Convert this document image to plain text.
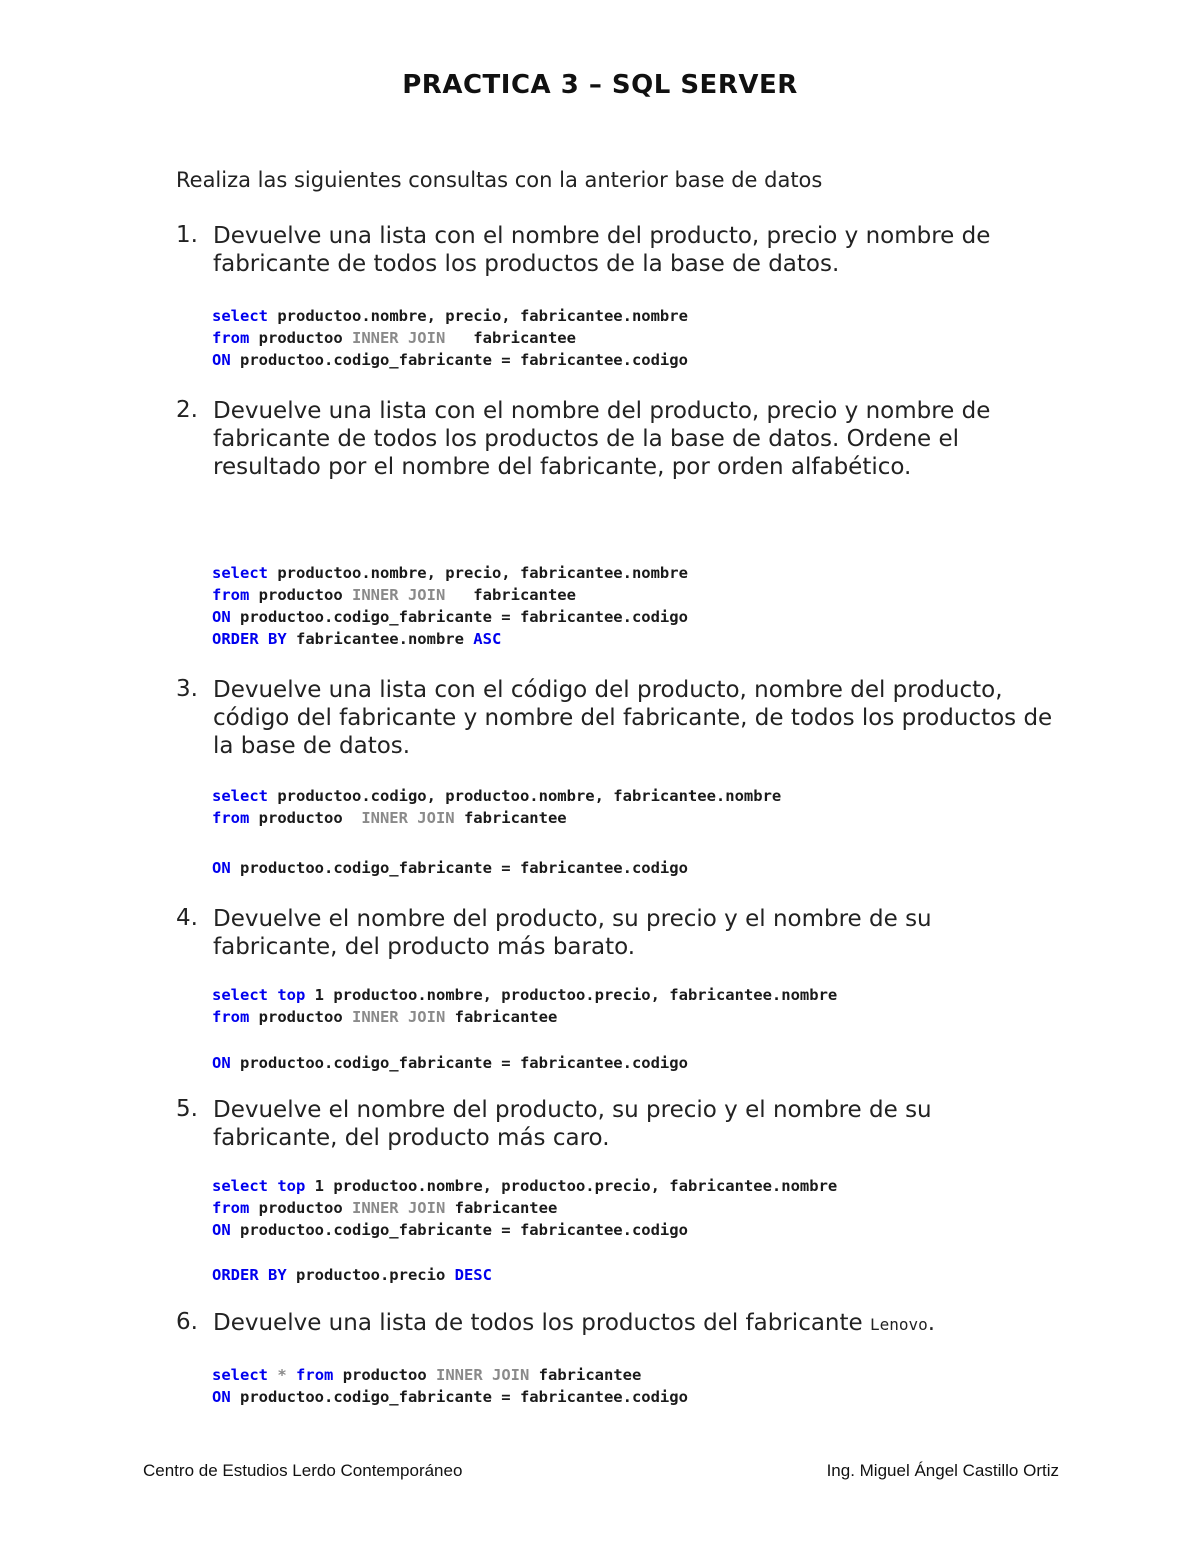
PRACTICA 3 – SQL SERVER
Realiza las siguientes consultas con la anterior base de datos
1. Devuelve una lista con el nombre del producto, precio y nombre de fabricante de todos los productos de la base de datos.
select productoo.nombre, precio, fabricantee.nombre
from productoo INNER JOIN   fabricantee
ON productoo.codigo_fabricante = fabricantee.codigo
2. Devuelve una lista con el nombre del producto, precio y nombre de fabricante de todos los productos de la base de datos. Ordene el resultado por el nombre del fabricante, por orden alfabético.
select productoo.nombre, precio, fabricantee.nombre
from productoo INNER JOIN   fabricantee
ON productoo.codigo_fabricante = fabricantee.codigo
ORDER BY fabricantee.nombre ASC
3. Devuelve una lista con el código del producto, nombre del producto, código del fabricante y nombre del fabricante, de todos los productos de la base de datos.
select productoo.codigo, productoo.nombre, fabricantee.nombre
from productoo  INNER JOIN fabricantee
ON productoo.codigo_fabricante = fabricantee.codigo
4. Devuelve el nombre del producto, su precio y el nombre de su fabricante, del producto más barato.
select top 1 productoo.nombre, productoo.precio, fabricantee.nombre
from productoo INNER JOIN fabricantee
ON productoo.codigo_fabricante = fabricantee.codigo
5. Devuelve el nombre del producto, su precio y el nombre de su fabricante, del producto más caro.
select top 1 productoo.nombre, productoo.precio, fabricantee.nombre
from productoo INNER JOIN fabricantee
ON productoo.codigo_fabricante = fabricantee.codigo
ORDER BY productoo.precio DESC
6. Devuelve una lista de todos los productos del fabricante Lenovo.
select * from productoo INNER JOIN fabricantee
ON productoo.codigo_fabricante = fabricantee.codigo
Centro de Estudios Lerdo Contemporáneo	Ing. Miguel Ángel Castillo Ortiz
